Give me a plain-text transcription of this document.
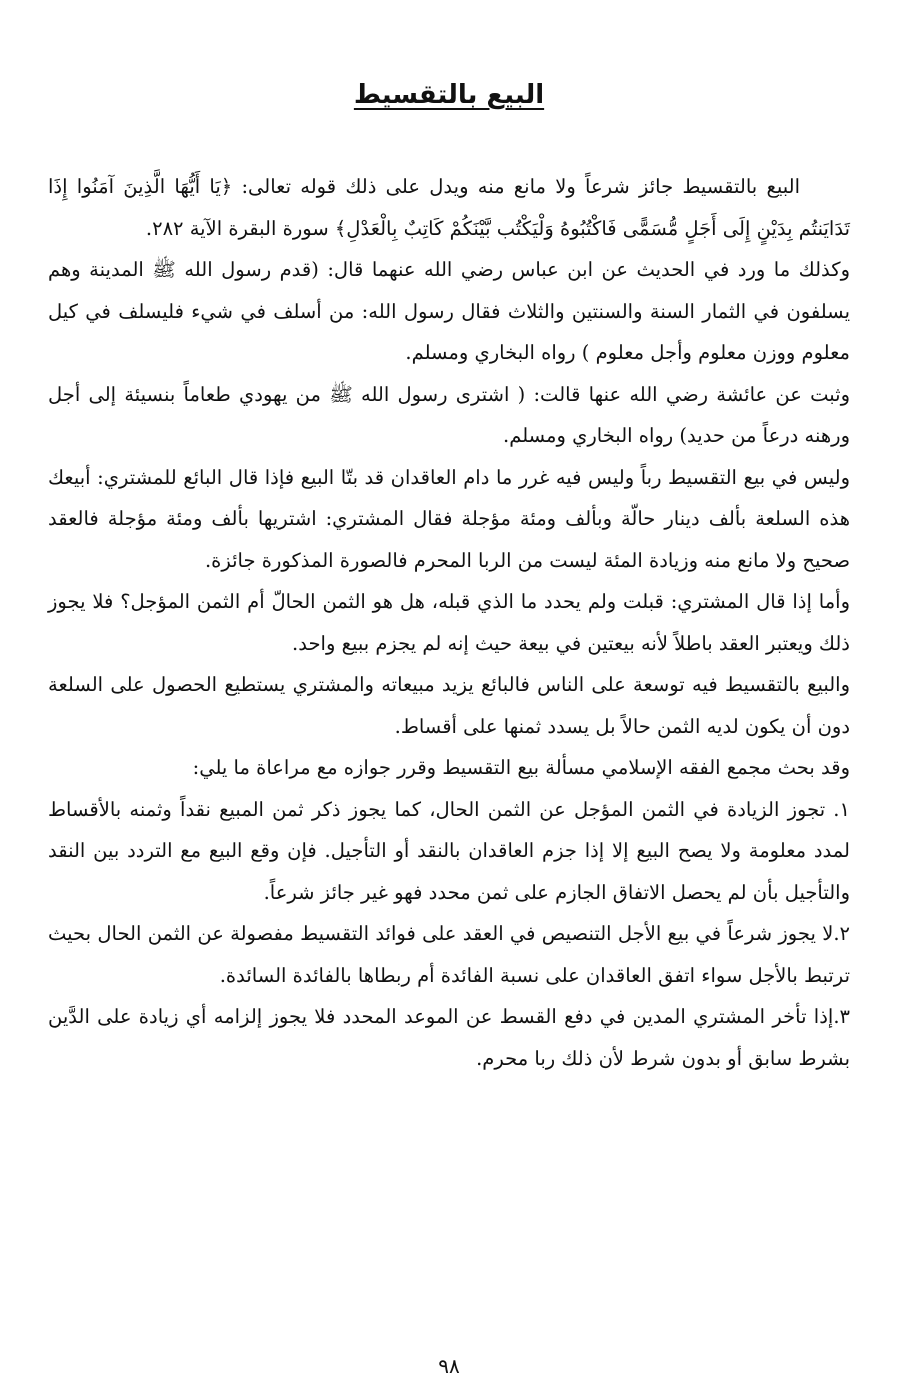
البيع بالتقسيط

البيع بالتقسيط جائز شرعاً ولا مانع منه ويدل على ذلك قوله تعالى: ﴿يَا أَيُّهَا الَّذِينَ آمَنُوا إِذَا تَدَايَنتُم بِدَيْنٍ إِلَى أَجَلٍ مُّسَمًّى فَاكْتُبُوهُ وَلْيَكْتُب بَّيْنَكُمْ كَاتِبٌ بِالْعَدْلِ﴾ سورة البقرة الآية ٢٨٢.

وكذلك ما ورد في الحديث عن ابن عباس رضي الله عنهما قال: (قدم رسول الله ﷺ المدينة وهم يسلفون في الثمار السنة والسنتين والثلاث فقال رسول الله: من أسلف في شيء فليسلف في كيل معلوم ووزن معلوم وأجل معلوم ) رواه البخاري ومسلم.

وثبت عن عائشة رضي الله عنها قالت: ( اشترى رسول الله ﷺ من يهودي طعاماً بنسيئة إلى أجل ورهنه درعاً من حديد) رواه البخاري ومسلم.

وليس في بيع التقسيط رباً وليس فيه غرر ما دام العاقدان قد بتّا البيع فإذا قال البائع للمشتري: أبيعك هذه السلعة بألف دينار حالّة وبألف ومئة مؤجلة فقال المشتري: اشتريها بألف ومئة مؤجلة فالعقد صحيح ولا مانع منه وزيادة المئة ليست من الربا المحرم فالصورة المذكورة جائزة.

وأما إذا قال المشتري: قبلت ولم يحدد ما الذي قبله، هل هو الثمن الحالّ أم الثمن المؤجل؟ فلا يجوز ذلك ويعتبر العقد باطلاً لأنه بيعتين في بيعة حيث إنه لم يجزم ببيع واحد.

والبيع بالتقسيط فيه توسعة على الناس فالبائع يزيد مبيعاته والمشتري يستطيع الحصول على السلعة دون أن يكون لديه الثمن حالاً بل يسدد ثمنها على أقساط.

وقد بحث مجمع الفقه الإسلامي مسألة بيع التقسيط وقرر جوازه مع مراعاة ما يلي:

١. تجوز الزيادة في الثمن المؤجل عن الثمن الحال، كما يجوز ذكر ثمن المبيع نقداً وثمنه بالأقساط لمدد معلومة ولا يصح البيع إلا إذا جزم العاقدان بالنقد أو التأجيل. فإن وقع البيع مع التردد بين النقد والتأجيل بأن لم يحصل الاتفاق الجازم على ثمن محدد فهو غير جائز شرعاً.

٢.لا يجوز شرعاً في بيع الأجل التنصيص في العقد على فوائد التقسيط مفصولة عن الثمن الحال بحيث ترتبط بالأجل سواء اتفق العاقدان على نسبة الفائدة أم ربطاها بالفائدة السائدة.

٣.إذا تأخر المشتري المدين في دفع القسط عن الموعد المحدد فلا يجوز إلزامه أي زيادة على الدَّين بشرط سابق أو بدون شرط لأن ذلك ربا محرم.

٩٨
